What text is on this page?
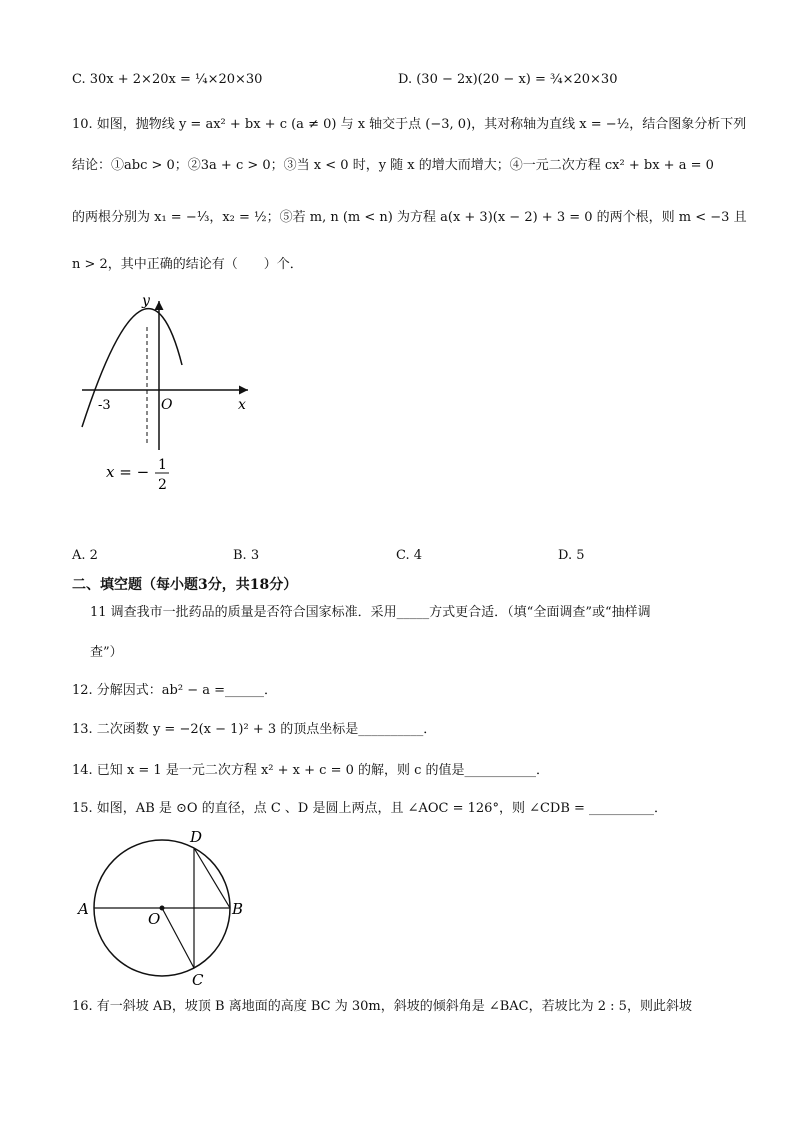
C. 30x + 2×20x = ¼×20×30	D. (30 − 2x)(20 − x) = ¾×20×30
10. 如图，抛物线 y = ax² + bx + c (a ≠ 0) 与 x 轴交于点 (−3, 0)，其对称轴为直线 x = −½，结合图象分析下列
结论：①abc > 0；②3a + c > 0；③当 x < 0 时，y 随 x 的增大而增大；④一元二次方程 cx² + bx + a = 0
的两根分别为 x₁ = −⅓，x₂ = ½；⑤若 m, n (m < n) 为方程 a(x + 3)(x − 2) + 3 = 0 的两个根，则 m < −3 且
n > 2，其中正确的结论有（　　）个．
y
x
O
-3
x = − 1
2
A. 2	B. 3	C. 4	D. 5
二、填空题（每小题3分，共18分）
11 调查我市一批药品的质量是否符合国家标准．采用_____方式更合适．（填“全面调查”或“抽样调
查”）
12. 分解因式：ab² − a =______．
13. 二次函数 y = −2(x − 1)² + 3 的顶点坐标是__________．
14. 已知 x = 1 是一元二次方程 x² + x + c = 0 的解，则 c 的值是___________．
15. 如图，AB 是 ⊙O 的直径，点 C 、D 是圆上两点，且 ∠AOC = 126°，则 ∠CDB = __________．
A	B
C
D
O
16. 有一斜坡 AB，坡顶 B 离地面的高度 BC 为 30m，斜坡的倾斜角是 ∠BAC，若坡比为 2 : 5，则此斜坡
